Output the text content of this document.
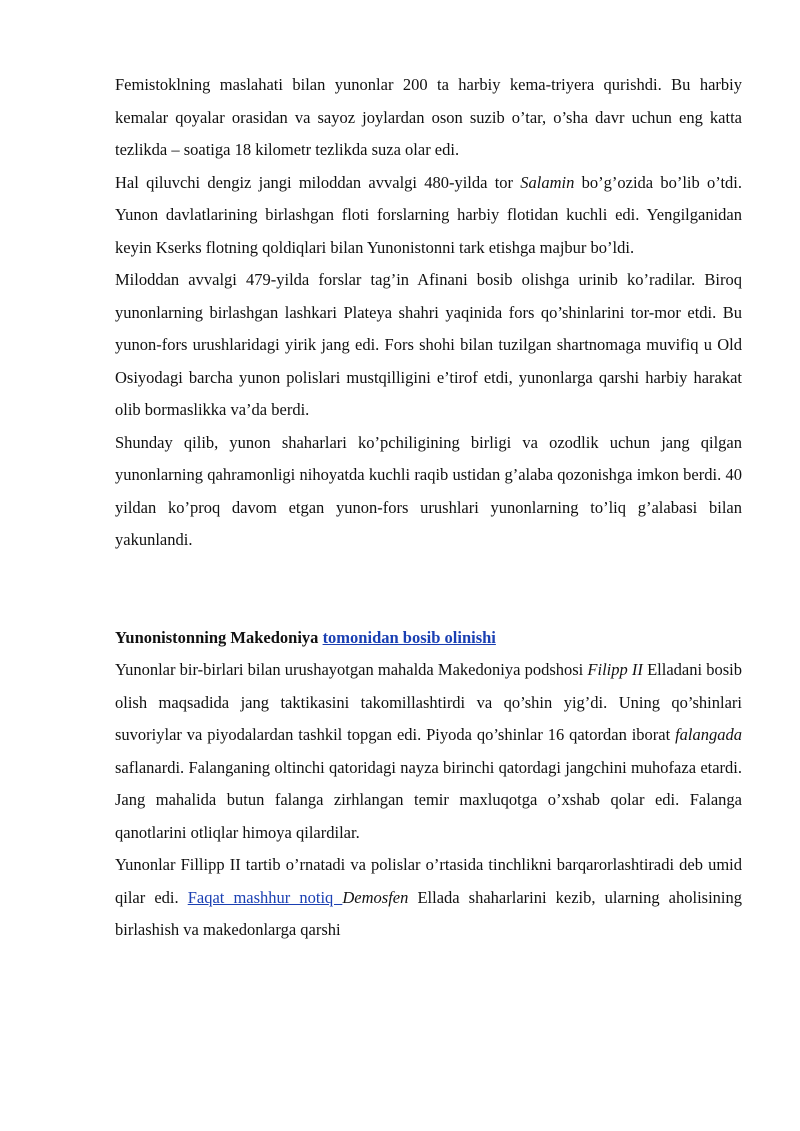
Femistoklning maslahati bilan yunonlar 200 ta harbiy kema-triyera qurishdi. Bu harbiy kemalar qoyalar orasidan va sayoz joylardan oson suzib o’tar, o’sha davr uchun eng katta tezlikda – soatiga 18 kilometr tezlikda suza olar edi.

Hal qiluvchi dengiz jangi miloddan avvalgi 480-yilda tor Salamin bo’g’ozida bo’lib o’tdi. Yunon davlatlarining birlashgan floti forslarning harbiy flotidan kuchli edi. Yengilganidan keyin Kserks flotning qoldiqlari bilan Yunonistonni tark etishga majbur bo’ldi.

Miloddan avvalgi 479-yilda forslar tag’in Afinani bosib olishga urinib ko’radilar. Biroq yunonlarning birlashgan lashkari Plateya shahri yaqinida fors qo’shinlarini tor-mor etdi. Bu yunon-fors urushlaridagi yirik jang edi. Fors shohi bilan tuzilgan shartnomaga muvifiq u Old Osiyodagi barcha yunon polislari mustqilligini e’tirof etdi, yunonlarga qarshi harbiy harakat olib bormaslikka va’da berdi.

Shunday qilib, yunon shaharlari ko’pchiligining birligi va ozodlik uchun jang qilgan yunonlarning qahramonligi nihoyatda kuchli raqib ustidan g’alaba qozonishga imkon berdi. 40 yildan ko’proq davom etgan yunon-fors urushlari yunonlarning to’liq g’alabasi bilan yakunlandi.

Yunonistonning Makedoniya tomonidan bosib olinishi

Yunonlar bir-birlari bilan urushayotgan mahalda Makedoniya podshosi Filipp II Elladani bosib olish maqsadida jang taktikasini takomillashtirdi va qo’shin yig’di. Uning qo’shinlari suvoriylar va piyodalardan tashkil topgan edi. Piyoda qo’shinlar 16 qatordan iborat falangada saflanardi. Falanganing oltinchi qatoridagi nayza birinchi qatordagi jangchini muhofaza etardi. Jang mahalida butun falanga zirhlangan temir maxluqotga o’xshab qolar edi. Falanga qanotlarini otliqlar himoya qilardilar.

Yunonlar Fillipp II tartib o’rnatadi va polislar o’rtasida tinchlikni barqarorlashtiradi deb umid qilar edi. Faqat mashhur notiq Demosfen Ellada shaharlarini kezib, ularning aholisining birlashish va makedonlarga qarshi
